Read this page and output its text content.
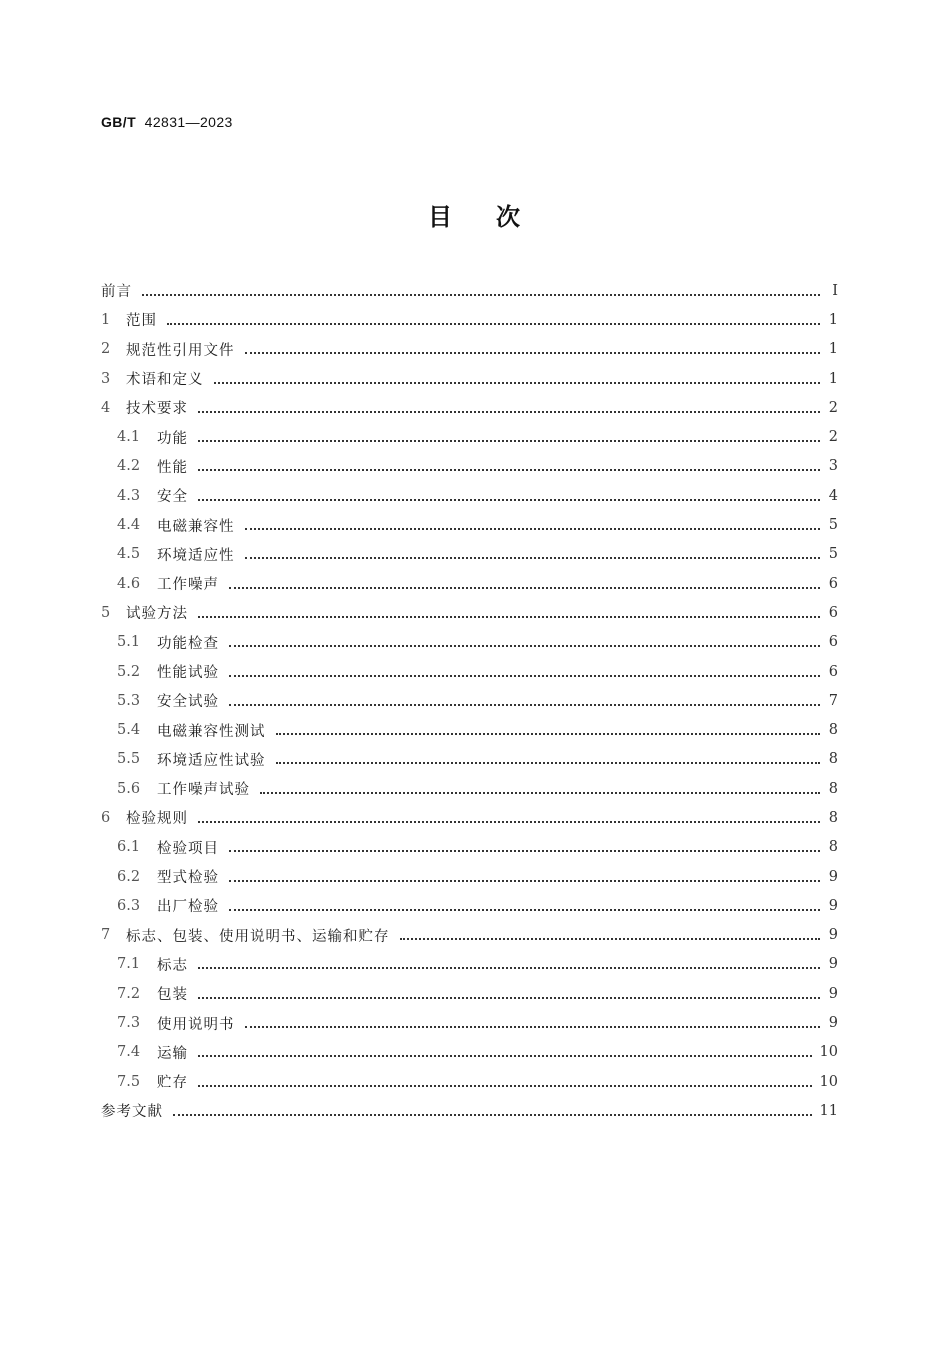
GB/T 42831—2023
目 次
前言	Ⅰ
1	范围	1
2	规范性引用文件	1
3	术语和定义	1
4	技术要求	2
4.1	功能	2
4.2	性能	3
4.3	安全	4
4.4	电磁兼容性	5
4.5	环境适应性	5
4.6	工作噪声	6
5	试验方法	6
5.1	功能检查	6
5.2	性能试验	6
5.3	安全试验	7
5.4	电磁兼容性测试	8
5.5	环境适应性试验	8
5.6	工作噪声试验	8
6	检验规则	8
6.1	检验项目	8
6.2	型式检验	9
6.3	出厂检验	9
7	标志、包装、使用说明书、运输和贮存	9
7.1	标志	9
7.2	包装	9
7.3	使用说明书	9
7.4	运输	10
7.5	贮存	10
参考文献	11
